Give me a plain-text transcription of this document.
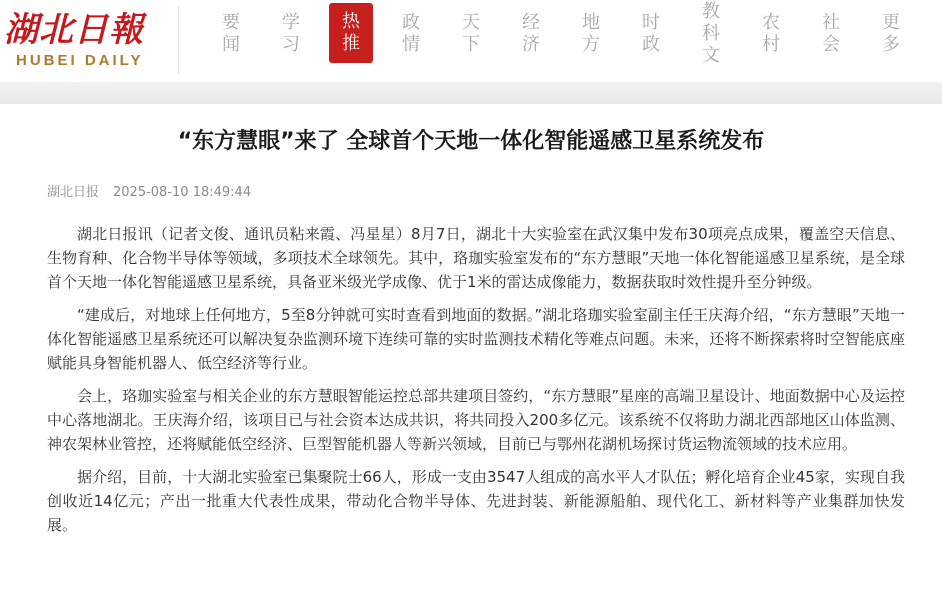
湖北日報
HUBEI DAILY
要闻
学习
热推
政情
天下
经济
地方
时政
教科文
农村
社会
更多
“东方慧眼”来了 全球首个天地一体化智能遥感卫星系统发布
湖北日报 2025-08-10 18:49:44

湖北日报讯（记者文俊、通讯员粘来霞、冯星星）8月7日，湖北十大实验室在武汉集中发布30项亮点成果，覆盖空天信息、生物育种、化合物半导体等领域，多项技术全球领先。其中，珞珈实验室发布的“东方慧眼”天地一体化智能遥感卫星系统，是全球首个天地一体化智能遥感卫星系统，具备亚米级光学成像、优于1米的雷达成像能力，数据获取时效性提升至分钟级。

“建成后，对地球上任何地方，5至8分钟就可实时查看到地面的数据。”湖北珞珈实验室副主任王庆海介绍，“东方慧眼”天地一体化智能遥感卫星系统还可以解决复杂监测环境下连续可靠的实时监测技术精化等难点问题。未来，还将不断探索将时空智能底座赋能具身智能机器人、低空经济等行业。

会上，珞珈实验室与相关企业的东方慧眼智能运控总部共建项目签约，“东方慧眼”星座的高端卫星设计、地面数据中心及运控中心落地湖北。王庆海介绍，该项目已与社会资本达成共识，将共同投入200多亿元。该系统不仅将助力湖北西部地区山体监测、神农架林业管控，还将赋能低空经济、巨型智能机器人等新兴领域，目前已与鄂州花湖机场探讨货运物流领域的技术应用。

据介绍，目前，十大湖北实验室已集聚院士66人，形成一支由3547人组成的高水平人才队伍；孵化培育企业45家，实现自我创收近14亿元；产出一批重大代表性成果，带动化合物半导体、先进封装、新能源船舶、现代化工、新材料等产业集群加快发展。
